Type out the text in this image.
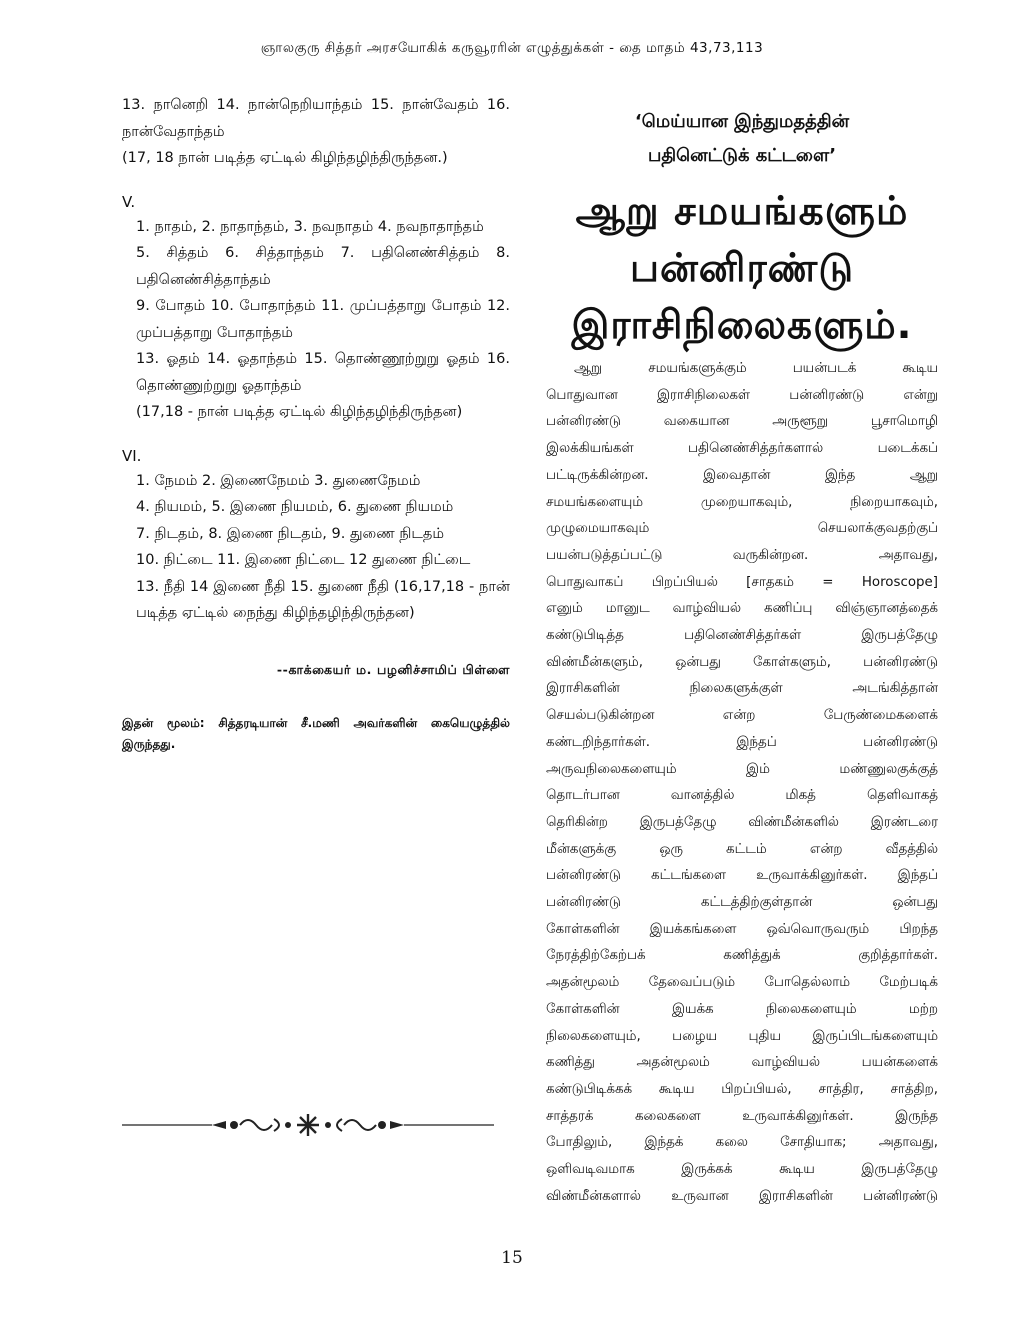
ஞாலகுரு சித்தர் அரசயோகிக் கருவூரரின் எழுத்துக்கள் - தை மாதம் 43,73,113

13. நானெறி 14. நான்நெறியாந்தம் 15. நான்வேதம் 16. நான்வேதாந்தம்

(17, 18 நான் படித்த ஏட்டில் கிழிந்தழிந்திருந்தன.)

V.

1. நாதம், 2. நாதாந்தம், 3. நவநாதம் 4. நவநாதாந்தம்

5. சித்தம் 6. சித்தாந்தம் 7. பதினெண்சித்தம் 8. பதினெண்சித்தாந்தம்

9. போதம் 10. போதாந்தம் 11. முப்பத்தாறு போதம் 12. முப்பத்தாறு போதாந்தம்

13. ஓதம் 14. ஓதாந்தம் 15. தொண்ணூற்றுறு ஓதம் 16. தொண்ணுற்றுறு ஓதாந்தம்

(17,18 - நான் படித்த ஏட்டில் கிழிந்தழிந்திருந்தன)

VI.

1. நேமம் 2. இணைநேமம் 3. துணைநேமம்

4. நியமம், 5. இணை நியமம், 6. துணை நியமம்

7. நிடதம், 8. இணை நிடதம், 9. துணை நிடதம்

10. நிட்டை 11. இணை நிட்டை 12 துணை நிட்டை

13. நீதி 14 இணை நீதி 15. துணை நீதி (16,17,18 - நான் படித்த ஏட்டில் நைந்து கிழிந்தழிந்திருந்தன)

--காக்கையர் ம. பழனிச்சாமிப் பிள்ளை
இதன் மூலம்: சித்தரடியான் சீ.மணி அவர்களின் கையெழுத்தில் இருந்தது.
‘மெய்யான இந்துமதத்தின்
பதினெட்டுக் கட்டளை’
ஆறு சமயங்களும்
பன்னிரண்டு
இராசிநிலைகளும்.
ஆறு சமயங்களுக்கும் பயன்படக் கூடிய
பொதுவான இராசிநிலைகள் பன்னிரண்டு என்று
பன்னிரண்டு வகையான அருளூறு பூசாமொழி
இலக்கியங்கள் பதினெண்சித்தர்களால் படைக்கப்
பட்டிருக்கின்றன. இவைதான் இந்த ஆறு
சமயங்களையும் முறையாகவும், நிறையாகவும்,
முழுமையாகவும் செயலாக்குவதற்குப்
பயன்படுத்தப்பட்டு வருகின்றன. அதாவது,
பொதுவாகப் பிறப்பியல் [சாதகம் = Horoscope]
எனும் மானுட வாழ்வியல் கணிப்பு விஞ்ஞானத்தைக்
கண்டுபிடித்த பதினெண்சித்தர்கள் இருபத்தேழு
விண்மீன்களும், ஒன்பது கோள்களும், பன்னிரண்டு
இராசிகளின் நிலைகளுக்குள் அடங்கித்தான்
செயல்படுகின்றன என்ற பேருண்மைகளைக்
கண்டறிந்தார்கள். இந்தப் பன்னிரண்டு
அருவநிலைகளையும் இம் மண்ணுலகுக்குத்
தொடர்பான வானத்தில் மிகத் தெளிவாகத்
தெரிகின்ற இருபத்தேழு விண்மீன்களில் இரண்டரை
மீன்களுக்கு ஒரு கட்டம் என்ற வீதத்தில்
பன்னிரண்டு கட்டங்களை உருவாக்கினுர்கள். இந்தப்
பன்னிரண்டு கட்டத்திற்குள்தான் ஒன்பது
கோள்களின் இயக்கங்களை ஒவ்வொருவரும் பிறந்த
நேரத்திற்கேற்பக் கணித்துக் குறித்தார்கள்.
அதன்மூலம் தேவைப்படும் போதெல்லாம் மேற்படிக்
கோள்களின் இயக்க நிலைகளையும் மற்ற
நிலைகளையும், பழைய புதிய இருப்பிடங்களையும்
கணித்து அதன்மூலம் வாழ்வியல் பயன்களைக்
கண்டுபிடிக்கக் கூடிய பிறப்பியல், சாத்திர, சாத்திற,
சாத்தரக் கலைகளை உருவாக்கினுர்கள். இருந்த
போதிலும், இந்தக் கலை சோதியாக; அதாவது,
ஒளிவடிவமாக இருக்கக் கூடிய இருபத்தேழு
விண்மீன்களால் உருவான இராசிகளின் பன்னிரண்டு
15
